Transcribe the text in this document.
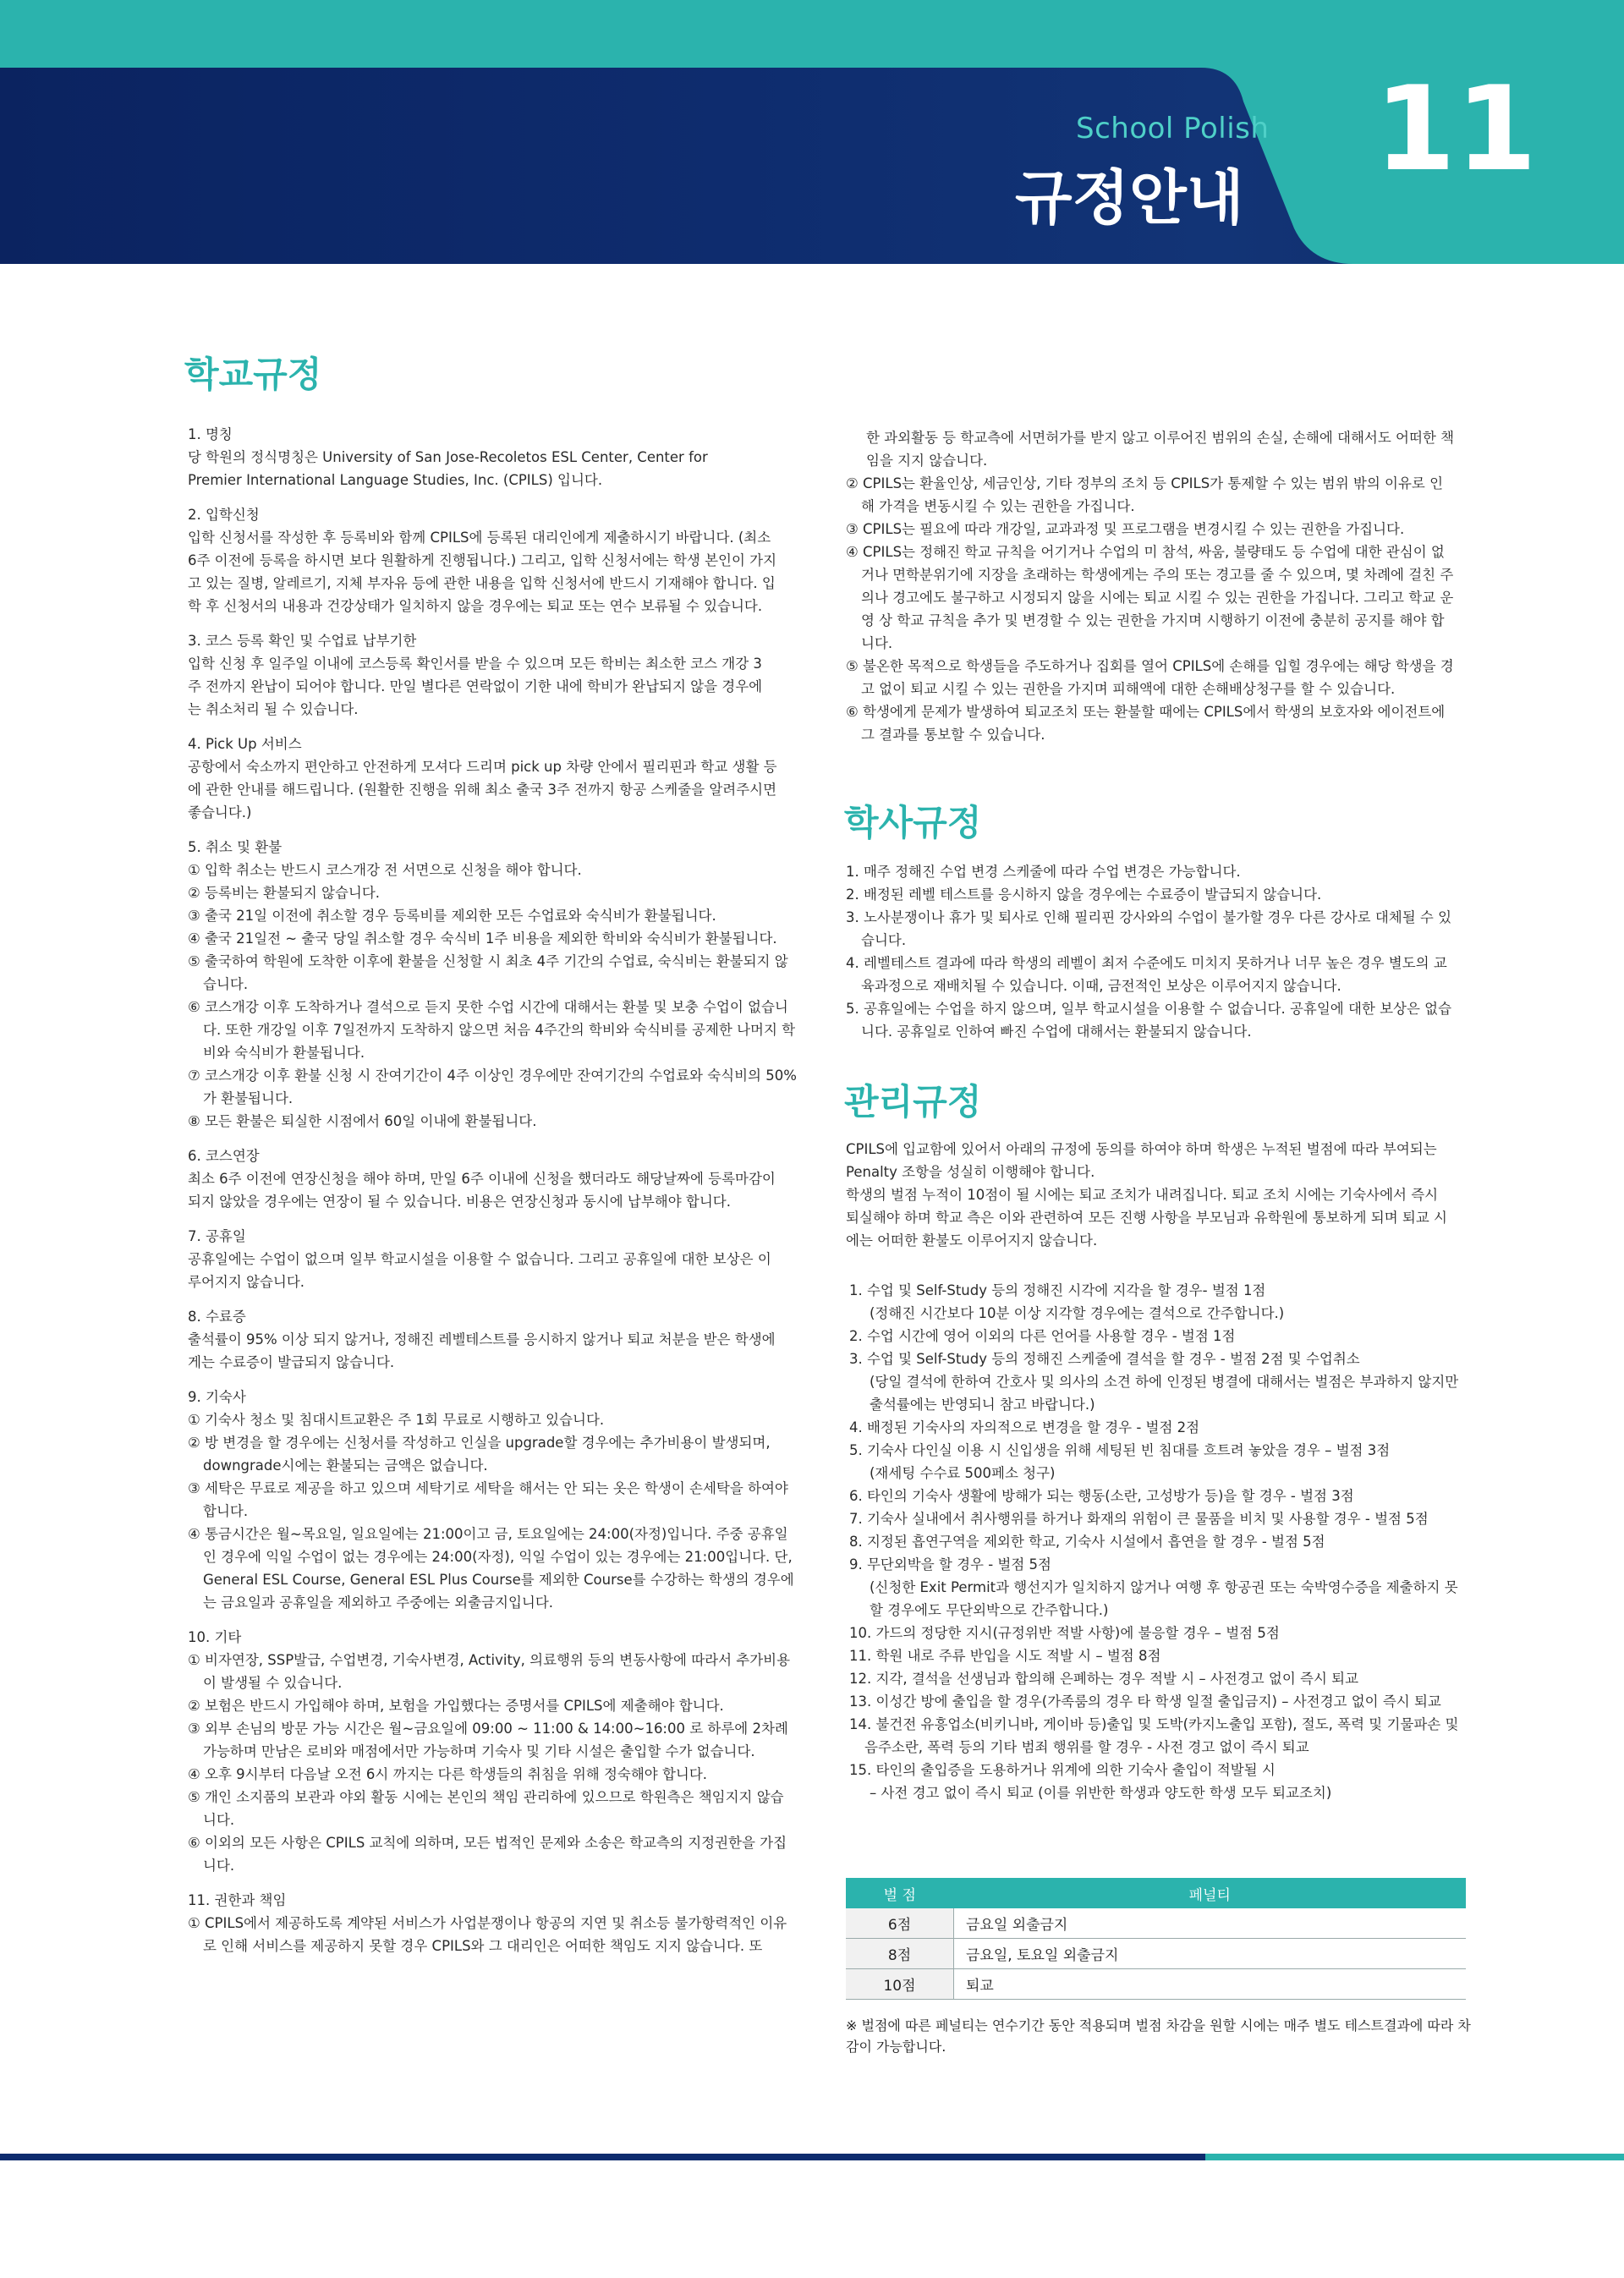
School Polish
규정안내
11
학교규정

1. 명칭

당 학원의 정식명칭은 University of San Jose-Recoletos ESL Center, Center for

Premier International Language Studies, Inc. (CPILS) 입니다.

2. 입학신청

입학 신청서를 작성한 후 등록비와 함께 CPILS에 등록된 대리인에게 제출하시기 바랍니다. (최소

6주 이전에 등록을 하시면 보다 원활하게 진행됩니다.) 그리고, 입학 신청서에는 학생 본인이 가지

고 있는 질병, 알레르기, 지체 부자유 등에 관한 내용을 입학 신청서에 반드시 기재해야 합니다. 입

학 후 신청서의 내용과 건강상태가 일치하지 않을 경우에는 퇴교 또는 연수 보류될 수 있습니다.

3. 코스 등록 확인 및 수업료 납부기한

입학 신청 후 일주일 이내에 코스등록 확인서를 받을 수 있으며 모든 학비는 최소한 코스 개강 3

주 전까지 완납이 되어야 합니다. 만일 별다른 연락없이 기한 내에 학비가 완납되지 않을 경우에

는 취소처리 될 수 있습니다.

4. Pick Up 서비스

공항에서 숙소까지 편안하고 안전하게 모셔다 드리며 pick up 차량 안에서 필리핀과 학교 생활 등

에 관한 안내를 해드립니다. (원활한 진행을 위해 최소 출국 3주 전까지 항공 스케줄을 알려주시면

좋습니다.)

5. 취소 및 환불

① 입학 취소는 반드시 코스개강 전 서면으로 신청을 해야 합니다.

② 등록비는 환불되지 않습니다.

③ 출국 21일 이전에 취소할 경우 등록비를 제외한 모든 수업료와 숙식비가 환불됩니다.

④ 출국 21일전 ~ 출국 당일 취소할 경우 숙식비 1주 비용을 제외한 학비와 숙식비가 환불됩니다.

⑤ 출국하여 학원에 도착한 이후에 환불을 신청할 시 최초 4주 기간의 수업료, 숙식비는 환불되지 않습니다.

⑥ 코스개강 이후 도착하거나 결석으로 듣지 못한 수업 시간에 대해서는 환불 및 보충 수업이 없습니다. 또한 개강일 이후 7일전까지 도착하지 않으면 처음 4주간의 학비와 숙식비를 공제한 나머지 학비와 숙식비가 환불됩니다.

⑦ 코스개강 이후 환불 신청 시 잔여기간이 4주 이상인 경우에만 잔여기간의 수업료와 숙식비의 50%가 환불됩니다.

⑧ 모든 환불은 퇴실한 시점에서 60일 이내에 환불됩니다.

6. 코스연장

최소 6주 이전에 연장신청을 해야 하며, 만일 6주 이내에 신청을 했더라도 해당날짜에 등록마감이

되지 않았을 경우에는 연장이 될 수 있습니다. 비용은 연장신청과 동시에 납부해야 합니다.

7. 공휴일

공휴일에는 수업이 없으며 일부 학교시설을 이용할 수 없습니다. 그리고 공휴일에 대한 보상은 이

루어지지 않습니다.

8. 수료증

출석률이 95% 이상 되지 않거나, 정해진 레벨테스트를 응시하지 않거나 퇴교 처분을 받은 학생에

게는 수료증이 발급되지 않습니다.

9. 기숙사

① 기숙사 청소 및 침대시트교환은 주 1회 무료로 시행하고 있습니다.

② 방 변경을 할 경우에는 신청서를 작성하고 인실을 upgrade할 경우에는 추가비용이 발생되며, downgrade시에는 환불되는 금액은 없습니다.

③ 세탁은 무료로 제공을 하고 있으며 세탁기로 세탁을 해서는 안 되는 옷은 학생이 손세탁을 하여야 합니다.

④ 통금시간은 월~목요일, 일요일에는 21:00이고 금, 토요일에는 24:00(자정)입니다. 주중 공휴일인 경우에 익일 수업이 없는 경우에는 24:00(자정), 익일 수업이 있는 경우에는 21:00입니다. 단, General ESL Course, General ESL Plus Course를 제외한 Course를 수강하는 학생의 경우에는 금요일과 공휴일을 제외하고 주중에는 외출금지입니다.

10. 기타

① 비자연장, SSP발급, 수업변경, 기숙사변경, Activity, 의료행위 등의 변동사항에 따라서 추가비용이 발생될 수 있습니다.

② 보험은 반드시 가입해야 하며, 보험을 가입했다는 증명서를 CPILS에 제출해야 합니다.

③ 외부 손님의 방문 가능 시간은 월~금요일에 09:00 ~ 11:00 & 14:00~16:00 로 하루에 2차례 가능하며 만남은 로비와 매점에서만 가능하며 기숙사 및 기타 시설은 출입할 수가 없습니다.

④ 오후 9시부터 다음날 오전 6시 까지는 다른 학생들의 취침을 위해 정숙해야 합니다.

⑤ 개인 소지품의 보관과 야외 활동 시에는 본인의 책임 관리하에 있으므로 학원측은 책임지지 않습니다.

⑥ 이외의 모든 사항은 CPILS 교칙에 의하며, 모든 법적인 문제와 소송은 학교측의 지정권한을 가집니다.

11. 권한과 책임

① CPILS에서 제공하도록 계약된 서비스가 사업분쟁이나 항공의 지연 및 취소등 불가항력적인 이유로 인해 서비스를 제공하지 못할 경우 CPILS와 그 대리인은 어떠한 책임도 지지 않습니다. 또

한 과외활동 등 학교측에 서면허가를 받지 않고 이루어진 범위의 손실, 손해에 대해서도 어떠한 책임을 지지 않습니다.

② CPILS는 환율인상, 세금인상, 기타 정부의 조치 등 CPILS가 통제할 수 있는 범위 밖의 이유로 인해 가격을 변동시킬 수 있는 권한을 가집니다.

③ CPILS는 필요에 따라 개강일, 교과과정 및 프로그램을 변경시킬 수 있는 권한을 가집니다.

④ CPILS는 정해진 학교 규칙을 어기거나 수업의 미 참석, 싸움, 불량태도 등 수업에 대한 관심이 없거나 면학분위기에 지장을 초래하는 학생에게는 주의 또는 경고를 줄 수 있으며, 몇 차례에 걸친 주의나 경고에도 불구하고 시정되지 않을 시에는 퇴교 시킬 수 있는 권한을 가집니다. 그리고 학교 운영 상 학교 규칙을 추가 및 변경할 수 있는 권한을 가지며 시행하기 이전에 충분히 공지를 해야 합니다.

⑤ 불온한 목적으로 학생들을 주도하거나 집회를 열어 CPILS에 손해를 입힐 경우에는 해당 학생을 경고 없이 퇴교 시킬 수 있는 권한을 가지며 피해액에 대한 손해배상청구를 할 수 있습니다.

⑥ 학생에게 문제가 발생하여 퇴교조치 또는 환불할 때에는 CPILS에서 학생의 보호자와 에이전트에 그 결과를 통보할 수 있습니다.

학사규정

1. 매주 정해진 수업 변경 스케줄에 따라 수업 변경은 가능합니다.

2. 배정된 레벨 테스트를 응시하지 않을 경우에는 수료증이 발급되지 않습니다.

3. 노사분쟁이나 휴가 및 퇴사로 인해 필리핀 강사와의 수업이 불가할 경우 다른 강사로 대체될 수 있습니다.

4. 레벨테스트 결과에 따라 학생의 레벨이 최저 수준에도 미치지 못하거나 너무 높은 경우 별도의 교육과정으로 재배치될 수 있습니다. 이때, 금전적인 보상은 이루어지지 않습니다.

5. 공휴일에는 수업을 하지 않으며, 일부 학교시설을 이용할 수 없습니다. 공휴일에 대한 보상은 없습니다. 공휴일로 인하여 빠진 수업에 대해서는 환불되지 않습니다.

관리규정

CPILS에 입교함에 있어서 아래의 규정에 동의를 하여야 하며 학생은 누적된 벌점에 따라 부여되는 Penalty 조항을 성실히 이행해야 합니다.

학생의 벌점 누적이 10점이 될 시에는 퇴교 조치가 내려집니다. 퇴교 조치 시에는 기숙사에서 즉시 퇴실해야 하며 학교 측은 이와 관련하여 모든 진행 사항을 부모님과 유학원에 통보하게 되며 퇴교 시에는 어떠한 환불도 이루어지지 않습니다.

1. 수업 및 Self-Study 등의 정해진 시각에 지각을 할 경우- 벌점 1점

(정해진 시간보다 10분 이상 지각할 경우에는 결석으로 간주합니다.)

2. 수업 시간에 영어 이외의 다른 언어를 사용할 경우 - 벌점 1점

3. 수업 및 Self-Study 등의 정해진 스케줄에 결석을 할 경우 - 벌점 2점 및 수업취소

(당일 결석에 한하여 간호사 및 의사의 소견 하에 인정된 병결에 대해서는 벌점은 부과하지 않지만 출석률에는 반영되니 참고 바랍니다.)

4. 배정된 기숙사의 자의적으로 변경을 할 경우 - 벌점 2점

5. 기숙사 다인실 이용 시 신입생을 위해 세팅된 빈 침대를 흐트려 놓았을 경우 – 벌점 3점

(재세팅 수수료 500페소 청구)

6. 타인의 기숙사 생활에 방해가 되는 행동(소란, 고성방가 등)을 할 경우 - 벌점 3점

7. 기숙사 실내에서 취사행위를 하거나 화재의 위험이 큰 물품을 비치 및 사용할 경우 - 벌점 5점

8. 지정된 흡연구역을 제외한 학교, 기숙사 시설에서 흡연을 할 경우 - 벌점 5점

9. 무단외박을 할 경우 - 벌점 5점

(신청한 Exit Permit과 행선지가 일치하지 않거나 여행 후 항공권 또는 숙박영수증을 제출하지 못할 경우에도 무단외박으로 간주합니다.)

10. 가드의 정당한 지시(규정위반 적발 사항)에 불응할 경우 – 벌점 5점

11. 학원 내로 주류 반입을 시도 적발 시 – 벌점 8점

12. 지각, 결석을 선생님과 합의해 은폐하는 경우 적발 시 – 사전경고 없이 즉시 퇴교

13. 이성간 방에 출입을 할 경우(가족룸의 경우 타 학생 일절 출입금지) – 사전경고 없이 즉시 퇴교

14. 불건전 유흥업소(비키니바, 게이바 등)출입 및 도박(카지노출입 포함), 절도, 폭력 및 기물파손 및 음주소란, 폭력 등의 기타 범죄 행위를 할 경우 - 사전 경고 없이 즉시 퇴교

15. 타인의 출입증을 도용하거나 위계에 의한 기숙사 출입이 적발될 시

– 사전 경고 없이 즉시 퇴교 (이를 위반한 학생과 양도한 학생 모두 퇴교조치)

벌 점	페널티
6점	금요일 외출금지
8점	금요일, 토요일 외출금지
10점	퇴교
※ 벌점에 따른 페널티는 연수기간 동안 적용되며 벌점 차감을 원할 시에는 매주 별도 테스트결과에 따라 차감이 가능합니다.
